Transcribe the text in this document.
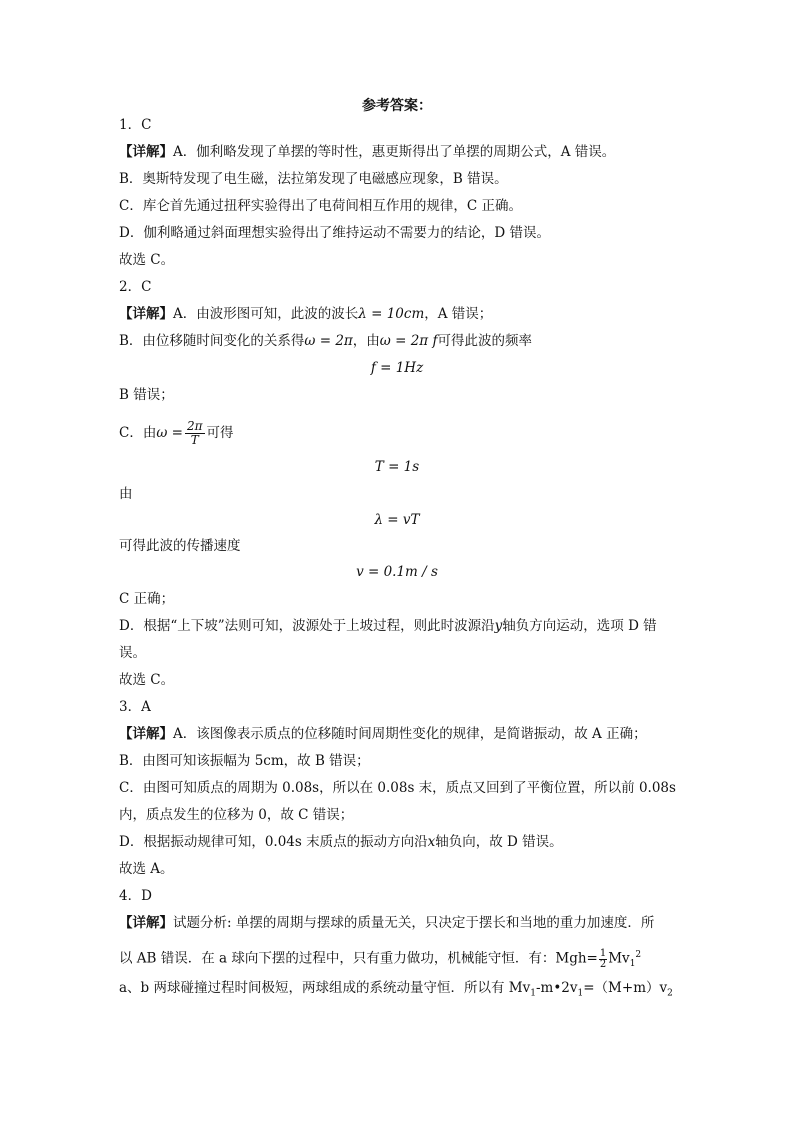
参考答案：
1．C
【详解】A．伽利略发现了单摆的等时性，惠更斯得出了单摆的周期公式，A 错误。
B．奥斯特发现了电生磁，法拉第发现了电磁感应现象，B 错误。
C．库仑首先通过扭秤实验得出了电荷间相互作用的规律，C 正确。
D．伽利略通过斜面理想实验得出了维持运动不需要力的结论，D 错误。
故选 C。
2．C
【详解】A．由波形图可知，此波的波长λ = 10cm，A 错误；
B．由位移随时间变化的关系得ω = 2π，由ω = 2π f可得此波的频率
f = 1Hz
B 错误；
C．由$\omega = \frac{2\pi}{T}$ 可得
T = 1s
由
λ = vT
可得此波的传播速度
v = 0.1m / s
C 正确；
D．根据“上下坡”法则可知，波源处于上坡过程，则此时波源沿y轴负方向运动，选项 D 错
误。
故选 C。
3．A
【详解】A．该图像表示质点的位移随时间周期性变化的规律，是简谐振动，故 A 正确；
B．由图可知该振幅为 5cm，故 B 错误；
C．由图可知质点的周期为 0.08s，所以在 0.08s 末，质点又回到了平衡位置，所以前 0.08s
内，质点发生的位移为 0，故 C 错误；
D．根据振动规律可知，0.04s 末质点的振动方向沿x轴负向，故 D 错误。
故选 A。
4．D
【详解】试题分析: 单摆的周期与摆球的质量无关，只决定于摆长和当地的重力加速度．所
以 AB 错误．在 a 球向下摆的过程中，只有重力做功，机械能守恒．有：$Mgh= \frac{1}{2} Mv_1^2$
a、b 两球碰撞过程时间极短，两球组成的系统动量守恒．所以有 $Mv_1-m•2v_1=(M+m)v_2$
